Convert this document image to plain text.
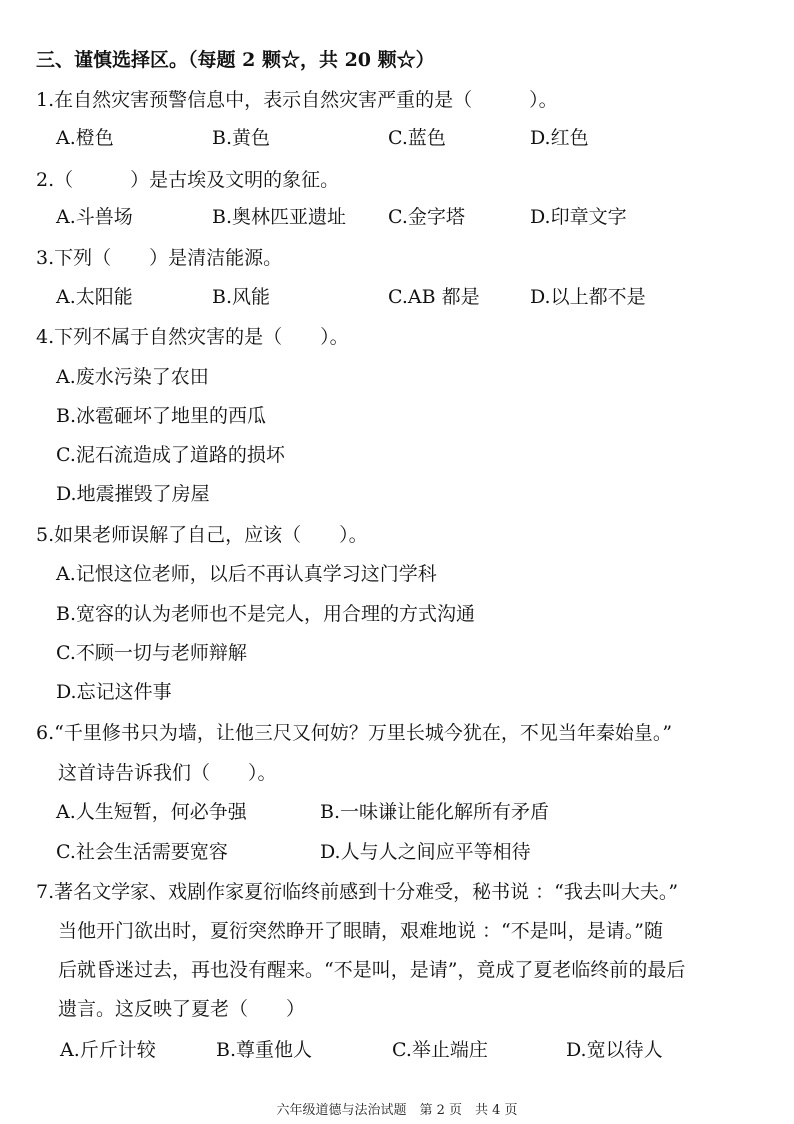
三、谨慎选择区。（每题 2 颗☆，共 20 颗☆）
1.在自然灾害预警信息中，表示自然灾害严重的是（　　　）。
A.橙色	B.黄色	C.蓝色	D.红色
2.（　　　）是古埃及文明的象征。
A.斗兽场	B.奥林匹亚遗址 C.金字塔	D.印章文字
3.下列（　　）是清洁能源。
A.太阳能	B.风能	C.AB 都是	D.以上都不是
4.下列不属于自然灾害的是（　　）。
A.废水污染了农田
B.冰雹砸坏了地里的西瓜
C.泥石流造成了道路的损坏
D.地震摧毁了房屋
5.如果老师误解了自己，应该（　　）。
A.记恨这位老师，以后不再认真学习这门学科
B.宽容的认为老师也不是完人，用合理的方式沟通
C.不顾一切与老师辩解
D.忘记这件事
6.“千里修书只为墙，让他三尺又何妨？万里长城今犹在，不见当年秦始皇。”
这首诗告诉我们（　　）。
A.人生短暂，何必争强	B.一味谦让能化解所有矛盾
C.社会生活需要宽容	D.人与人之间应平等相待
7.著名文学家、戏剧作家夏衍临终前感到十分难受，秘书说 ：“我去叫大夫。”
当他开门欲出时，夏衍突然睁开了眼睛，艰难地说 ：“不是叫，是请。”随
后就昏迷过去，再也没有醒来。“不是叫，是请”，竟成了夏老临终前的最后
遗言。这反映了夏老（　　）
A.斤斤计较	B.尊重他人	C.举止端庄	D.宽以待人
六年级道德与法治试题　第 2 页　共 4 页
